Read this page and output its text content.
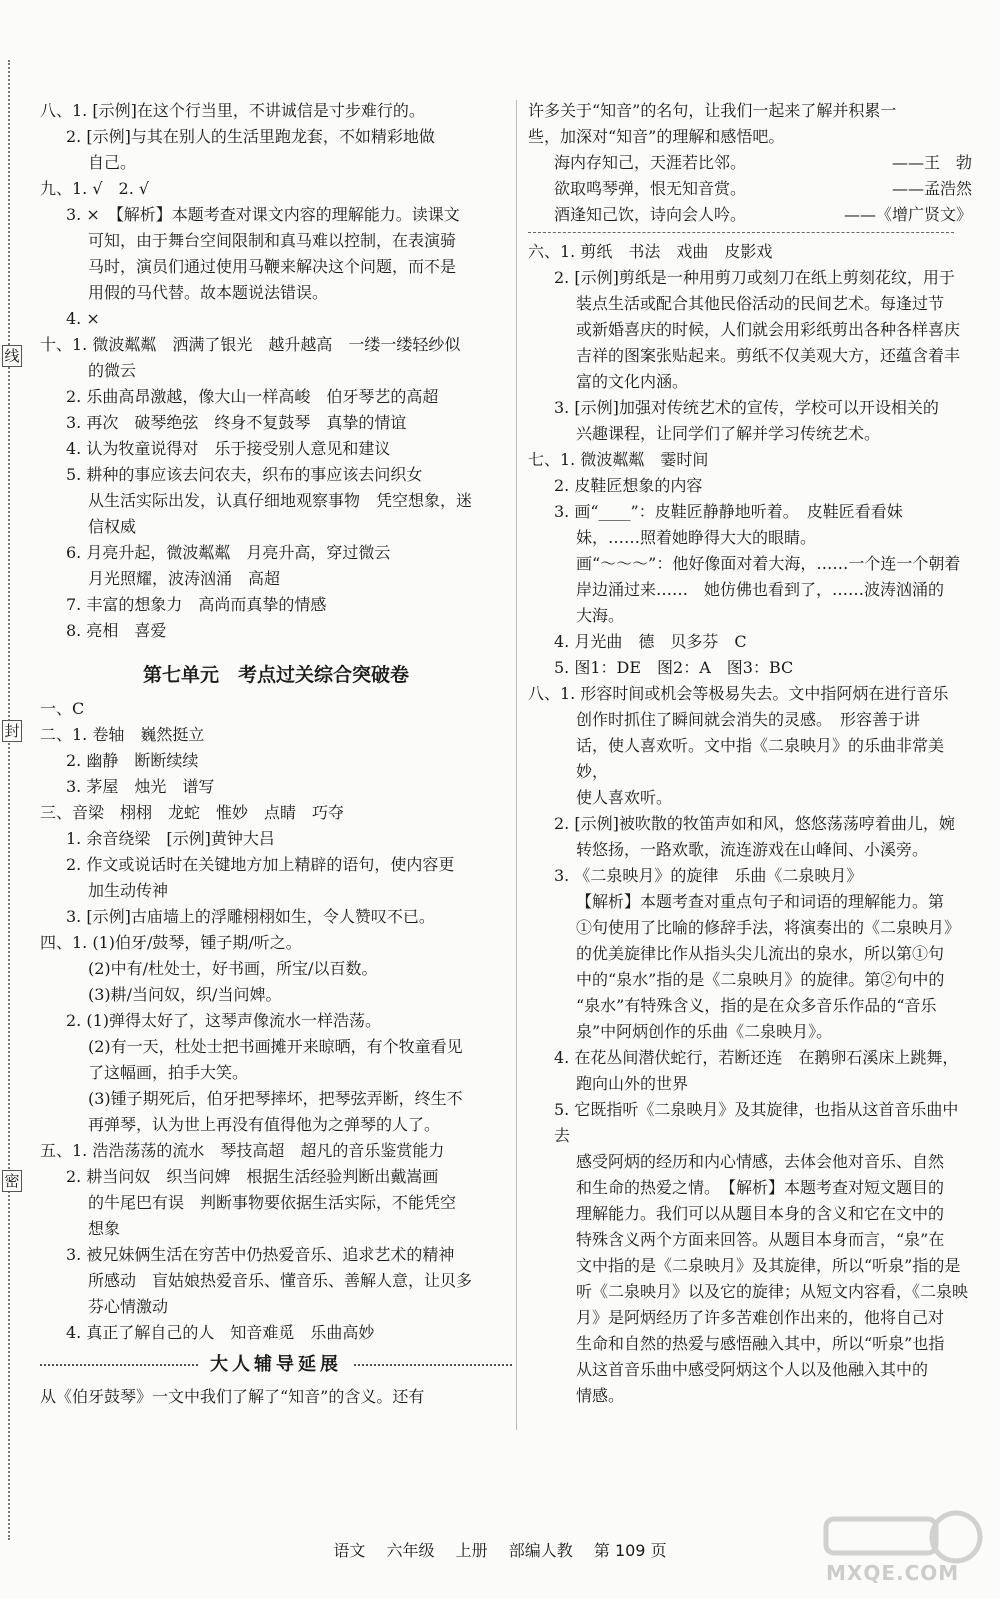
线
封
密
八、1. [示例]在这个行当里，不讲诚信是寸步难行的。
2. [示例]与其在别人的生活里跑龙套，不如精彩地做
自己。
九、1. √　2. √
3. ×　【解析】本题考查对课文内容的理解能力。读课文
可知，由于舞台空间限制和真马难以控制，在表演骑
马时，演员们通过使用马鞭来解决这个问题，而不是
用假的马代替。故本题说法错误。
4. ×
十、1. 微波粼粼　洒满了银光　越升越高　一缕一缕轻纱似
的微云
2. 乐曲高昂激越，像大山一样高峻　伯牙琴艺的高超
3. 再次　破琴绝弦　终身不复鼓琴　真挚的情谊
4. 认为牧童说得对　乐于接受别人意见和建议
5. 耕种的事应该去问农夫，织布的事应该去问织女
从生活实际出发，认真仔细地观察事物　凭空想象，迷
信权威
6. 月亮升起，微波粼粼　月亮升高，穿过微云
月光照耀，波涛汹涌　高超
7. 丰富的想象力　高尚而真挚的情感
8. 亮相　喜爱
第七单元　考点过关综合突破卷
一、C
二、1. 卷轴　巍然挺立
2. 幽静　断断续续
3. 茅屋　烛光　谱写
三、音梁　栩栩　龙蛇　惟妙　点睛　巧夺
1. 余音绕梁　[示例]黄钟大吕
2. 作文或说话时在关键地方加上精辟的语句，使内容更
加生动传神
3. [示例]古庙墙上的浮雕栩栩如生，令人赞叹不已。
四、1. (1)伯牙/鼓琴，锺子期/听之。
(2)中有/杜处士，好书画，所宝/以百数。
(3)耕/当问奴，织/当问婢。
2. (1)弹得太好了，这琴声像流水一样浩荡。
(2)有一天，杜处士把书画摊开来晾晒，有个牧童看见
了这幅画，拍手大笑。
(3)锺子期死后，伯牙把琴摔坏，把琴弦弄断，终生不
再弹琴，认为世上再没有值得他为之弹琴的人了。
五、1. 浩浩荡荡的流水　琴技高超　超凡的音乐鉴赏能力
2. 耕当问奴　织当问婢　根据生活经验判断出戴嵩画
的牛尾巴有误　判断事物要依据生活实际，不能凭空
想象
3. 被兄妹俩生活在穷苦中仍热爱音乐、追求艺术的精神
所感动　盲姑娘热爱音乐、懂音乐、善解人意，让贝多
芬心情激动
4. 真正了解自己的人　知音难觅　乐曲高妙
大人辅导延展
从《伯牙鼓琴》一文中我们了解了“知音”的含义。还有
许多关于“知音”的名句，让我们一起来了解并积累一
些，加深对“知音”的理解和感悟吧。
海内存知己，天涯若比邻。	——王　勃
欲取鸣琴弹，恨无知音赏。	——孟浩然
酒逢知己饮，诗向会人吟。	——《增广贤文》
六、1. 剪纸　书法　戏曲　皮影戏
2. [示例]剪纸是一种用剪刀或刻刀在纸上剪刻花纹，用于
装点生活或配合其他民俗活动的民间艺术。每逢过节
或新婚喜庆的时候，人们就会用彩纸剪出各种各样喜庆
吉祥的图案张贴起来。剪纸不仅美观大方，还蕴含着丰
富的文化内涵。
3. [示例]加强对传统艺术的宣传，学校可以开设相关的
兴趣课程，让同学们了解并学习传统艺术。
七、1. 微波粼粼　霎时间
2. 皮鞋匠想象的内容
3. 画“____”：皮鞋匠静静地听着。　皮鞋匠看看妹
妹，……照着她睁得大大的眼睛。
画“～～～”：他好像面对着大海，……一个连一个朝着
岸边涌过来……　她仿佛也看到了，……波涛汹涌的
大海。
4. 月光曲　德　贝多芬　C
5. 图1：DE　图2：A　图3：BC
八、1. 形容时间或机会等极易失去。文中指阿炳在进行音乐
创作时抓住了瞬间就会消失的灵感。　形容善于讲
话，使人喜欢听。文中指《二泉映月》的乐曲非常美妙，
使人喜欢听。
2. [示例]被吹散的牧笛声如和风，悠悠荡荡哼着曲儿，婉
转悠扬，一路欢歌，流连游戏在山峰间、小溪旁。
3. 《二泉映月》的旋律　乐曲《二泉映月》
【解析】本题考查对重点句子和词语的理解能力。第
①句使用了比喻的修辞手法，将演奏出的《二泉映月》
的优美旋律比作从指头尖儿流出的泉水，所以第①句
中的“泉水”指的是《二泉映月》的旋律。第②句中的
“泉水”有特殊含义，指的是在众多音乐作品的“音乐
泉”中阿炳创作的乐曲《二泉映月》。
4. 在花丛间潜伏蛇行，若断还连　在鹅卵石溪床上跳舞，
跑向山外的世界
5. 它既指听《二泉映月》及其旋律，也指从这首音乐曲中去
感受阿炳的经历和内心情感，去体会他对音乐、自然
和生命的热爱之情。　【解析】本题考查对短文题目的
理解能力。我们可以从题目本身的含义和它在文中的
特殊含义两个方面来回答。从题目本身而言，“泉”在
文中指的是《二泉映月》及其旋律，所以“听泉”指的是
听《二泉映月》以及它的旋律；从短文内容看，《二泉映
月》是阿炳经历了许多苦难创作出来的，他将自己对
生命和自然的热爱与感悟融入其中，所以“听泉”也指
从这首音乐曲中感受阿炳这个人以及他融入其中的
情感。
语文 六年级 上册 部编人教 第 109 页
MXQE.COM
